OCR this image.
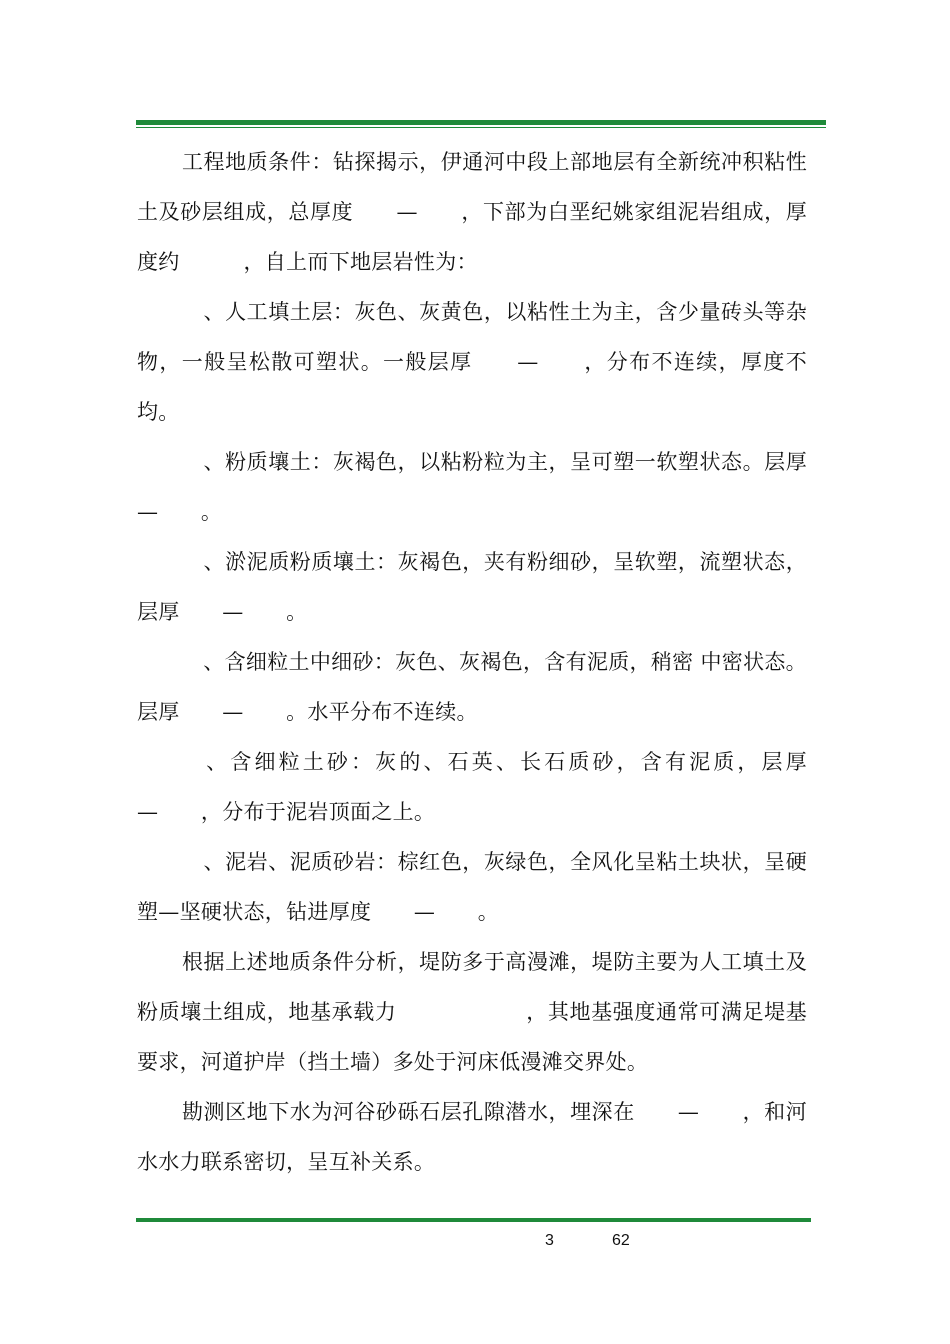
工程地质条件：钻探揭示，伊通河中段上部地层有全新统冲积粘性土及砂层组成，总厚度　　—　　，下部为白垩纪姚家组泥岩组成，厚度约　　　，自上而下地层岩性为：

　、人工填土层：灰色、灰黄色，以粘性土为主，含少量砖头等杂物，一般呈松散可塑状。一般层厚　　—　　，分布不连续，厚度不均。

　、粉质壤土：灰褐色，以粘粉粒为主，呈可塑一软塑状态。层厚　　—　　。

　、淤泥质粉质壤土：灰褐色，夹有粉细砂，呈软塑，流塑状态，层厚　　—　　。

　、含细粒土中细砂：灰色、灰褐色，含有泥质，稍密 中密状态。层厚　　—　　。水平分布不连续。

　、含细粒土砂：灰的、石英、长石质砂，含有泥质，层厚　　—　　，分布于泥岩顶面之上。

　、泥岩、泥质砂岩：棕红色，灰绿色，全风化呈粘土块状，呈硬塑—坚硬状态，钻进厚度　　—　　。

根据上述地质条件分析，堤防多于高漫滩，堤防主要为人工填土及粉质壤土组成，地基承载力　　　　　　，其地基强度通常可满足堤基要求，河道护岸（挡土墙）多处于河床低漫滩交界处。

勘测区地下水为河谷砂砾石层孔隙潜水，埋深在　　—　　，和河水水力联系密切，呈互补关系。

3	62
